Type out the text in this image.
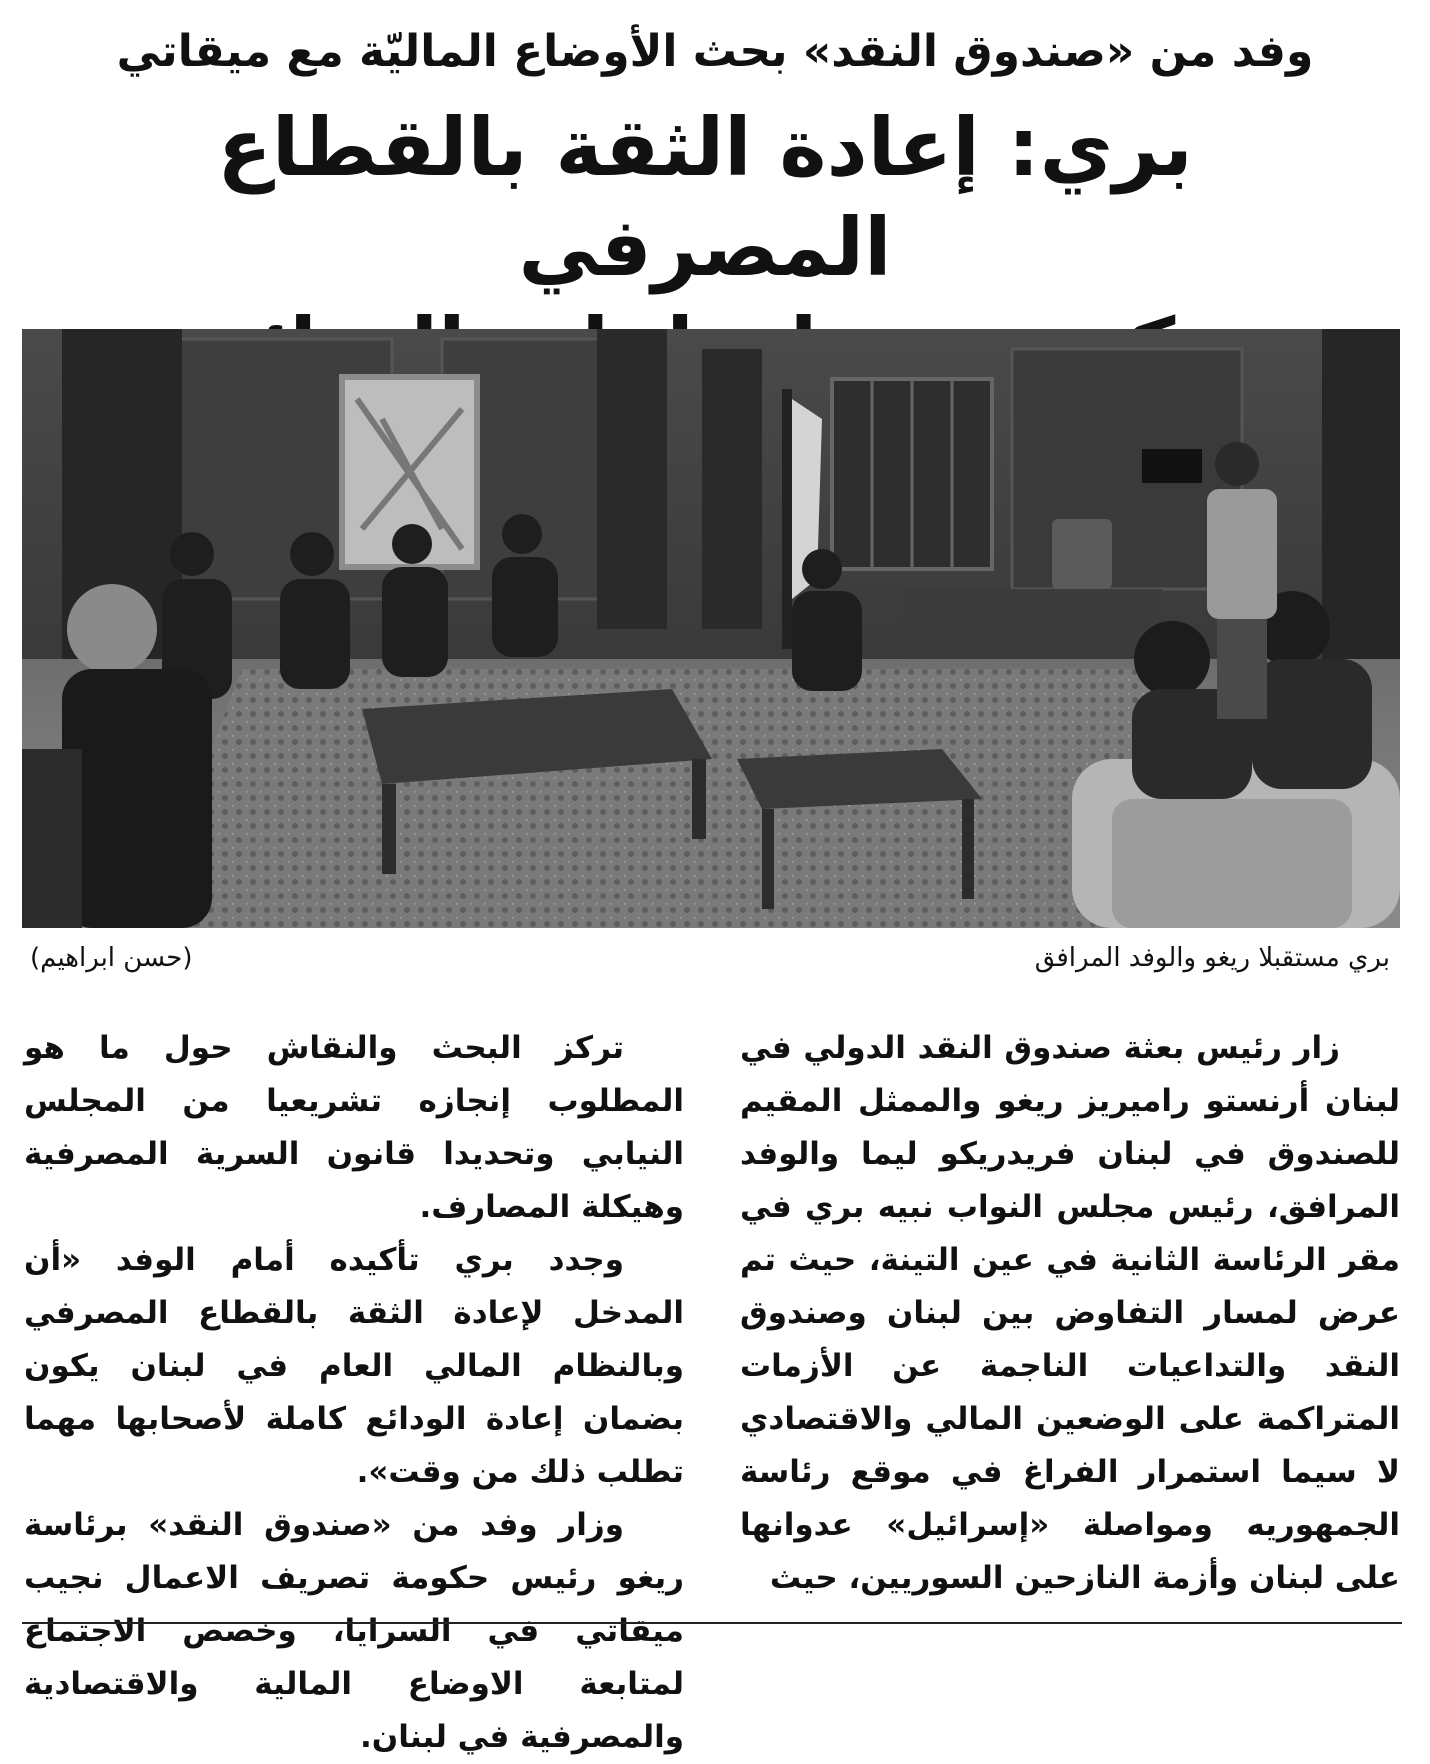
وفد من «صندوق النقد» بحث الأوضاع الماليّة مع ميقاتي
بري: إعادة الثقة بالقطاع المصرفي
بري مستقبلا ريغو والوفد المرافق
(حسن ابراهيم)

زار رئيس بعثة صندوق النقد الدولي في لبنان أرنستو راميريز ريغو والممثل المقيم للصندوق في لبنان فريدريكو ليما والوفد المرافق، رئيس مجلس النواب نبيه بري في مقر الرئاسة الثانية في عين التينة، حيث تم عرض لمسار التفاوض بين لبنان وصندوق النقد والتداعيات الناجمة عن الأزمات المتراكمة على الوضعين المالي والاقتصادي لا سيما استمرار الفراغ في موقع رئاسة الجمهوريه ومواصلة «إسرائيل» عدوانها على لبنان وأزمة النازحين السوريين، حيث

تركز البحث والنقاش حول ما هو المطلوب إنجازه تشريعيا من المجلس النيابي وتحديدا قانون السرية المصرفية وهيكلة المصارف.

وجدد بري تأكيده أمام الوفد «أن المدخل لإعادة الثقة بالقطاع المصرفي وبالنظام المالي العام في لبنان يكون بضمان إعادة الودائع كاملة لأصحابها مهما تطلب ذلك من وقت».

وزار وفد من «صندوق النقد» برئاسة ريغو رئيس حكومة تصريف الاعمال نجيب ميقاتي في السرايا، وخصص الاجتماع لمتابعة الاوضاع المالية والاقتصادية والمصرفية في لبنان.
